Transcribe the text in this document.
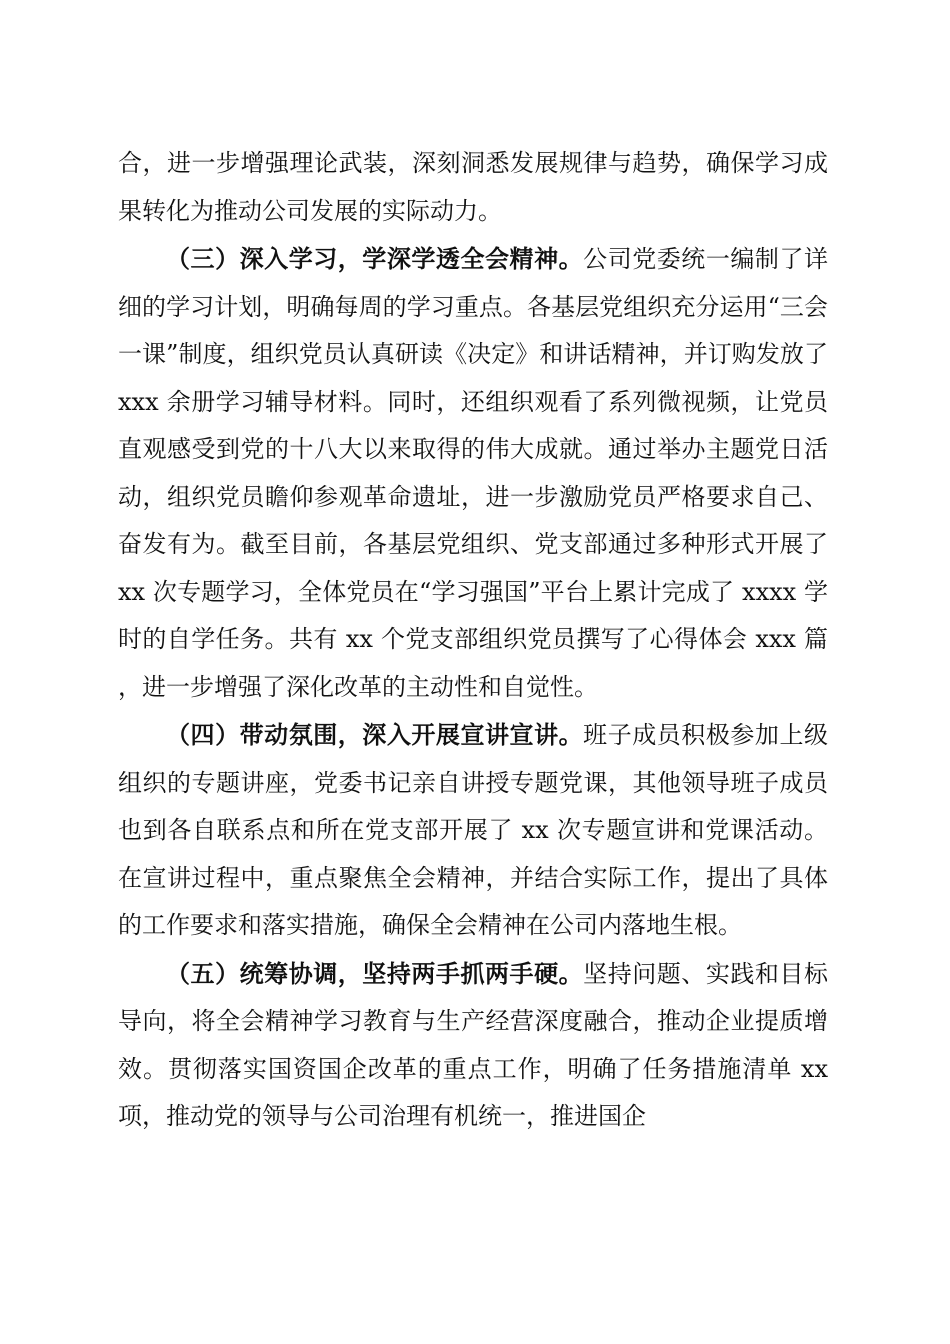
合，进一步增强理论武装，深刻洞悉发展规律与趋势，确保学习成果转化为推动公司发展的实际动力。

（三）深入学习，学深学透全会精神。公司党委统一编制了详细的学习计划，明确每周的学习重点。各基层党组织充分运用“三会一课”制度，组织党员认真研读《决定》和讲话精神，并订购发放了 xxx 余册学习辅导材料。同时，还组织观看了系列微视频，让党员直观感受到党的十八大以来取得的伟大成就。通过举办主题党日活动，组织党员瞻仰参观革命遗址，进一步激励党员严格要求自己、奋发有为。截至目前，各基层党组织、党支部通过多种形式开展了 xx 次专题学习，全体党员在“学习强国”平台上累计完成了 xxxx 学时的自学任务。共有 xx 个党支部组织党员撰写了心得体会 xxx 篇，进一步增强了深化改革的主动性和自觉性。

（四）带动氛围，深入开展宣讲宣讲。班子成员积极参加上级组织的专题讲座，党委书记亲自讲授专题党课，其他领导班子成员也到各自联系点和所在党支部开展了 xx 次专题宣讲和党课活动。在宣讲过程中，重点聚焦全会精神，并结合实际工作，提出了具体的工作要求和落实措施，确保全会精神在公司内落地生根。

（五）统筹协调，坚持两手抓两手硬。坚持问题、实践和目标导向，将全会精神学习教育与生产经营深度融合，推动企业提质增效。贯彻落实国资国企改革的重点工作，明确了任务措施清单 xx 项，推动党的领导与公司治理有机统一，推进国企
